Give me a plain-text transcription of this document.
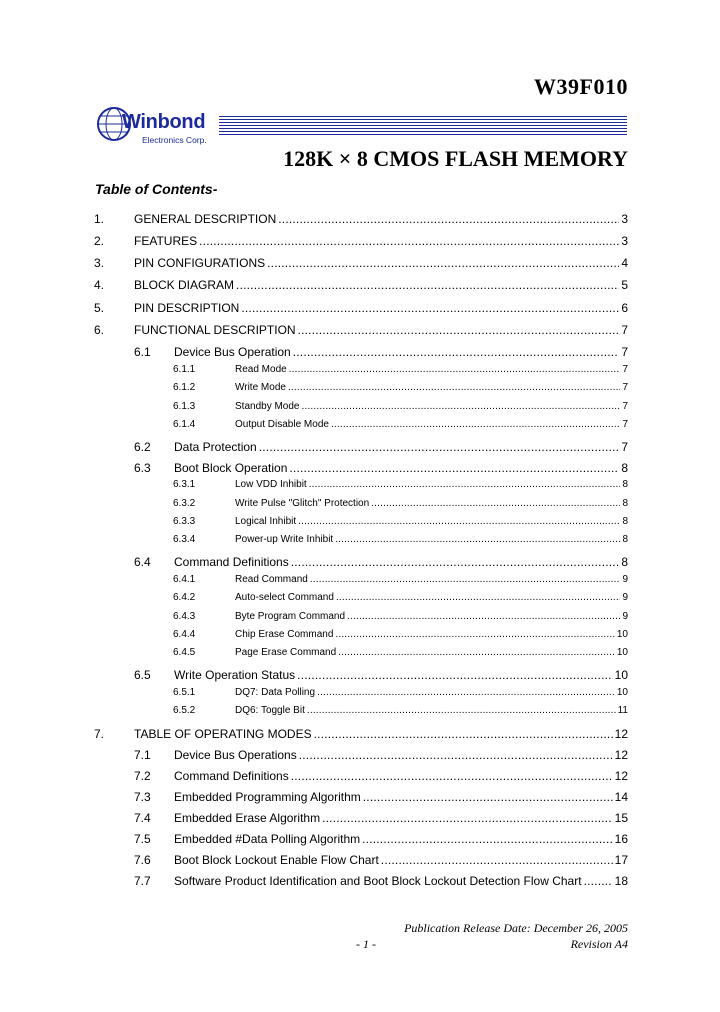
W39F010
Winbond
Electronics Corp.
128K × 8 CMOS FLASH MEMORY
Table of Contents-
1. GENERAL DESCRIPTION .....	3
2. FEATURES .....	3
3. PIN CONFIGURATIONS .....	4
4. BLOCK DIAGRAM .....	5
5. PIN DESCRIPTION .....	6
6. FUNCTIONAL DESCRIPTION .....	7
6.1 Device Bus Operation .....	7
6.1.1	Read Mode .....	7
6.1.2	Write Mode .....	7
6.1.3	Standby Mode .....	7
6.1.4	Output Disable Mode .....	7
6.2 Data Protection .....	7
6.3 Boot Block Operation .....	8
6.3.1	Low VDD Inhibit .....	8
6.3.2	Write Pulse "Glitch" Protection .....	8
6.3.3	Logical Inhibit .....	8
6.3.4	Power-up Write Inhibit .....	8
6.4 Command Definitions .....	8
6.4.1	Read Command .....	9
6.4.2	Auto-select Command .....	9
6.4.3	Byte Program Command .....	9
6.4.4	Chip Erase Command .....	10
6.4.5	Page Erase Command .....	10
6.5 Write Operation Status .....	10
6.5.1	DQ7: Data Polling .....	10
6.5.2	DQ6: Toggle Bit .....	11
7. TABLE OF OPERATING MODES .....	12
7.1 Device Bus Operations .....	12
7.2 Command Definitions .....	12
7.3 Embedded Programming Algorithm .....	14
7.4 Embedded Erase Algorithm .....	15
7.5 Embedded #Data Polling Algorithm .....	16
7.6 Boot Block Lockout Enable Flow Chart .....	17
7.7 Software Product Identification and Boot Block Lockout Detection Flow Chart .....	18
Publication Release Date: December 26, 2005
- 1 -	Revision A4
